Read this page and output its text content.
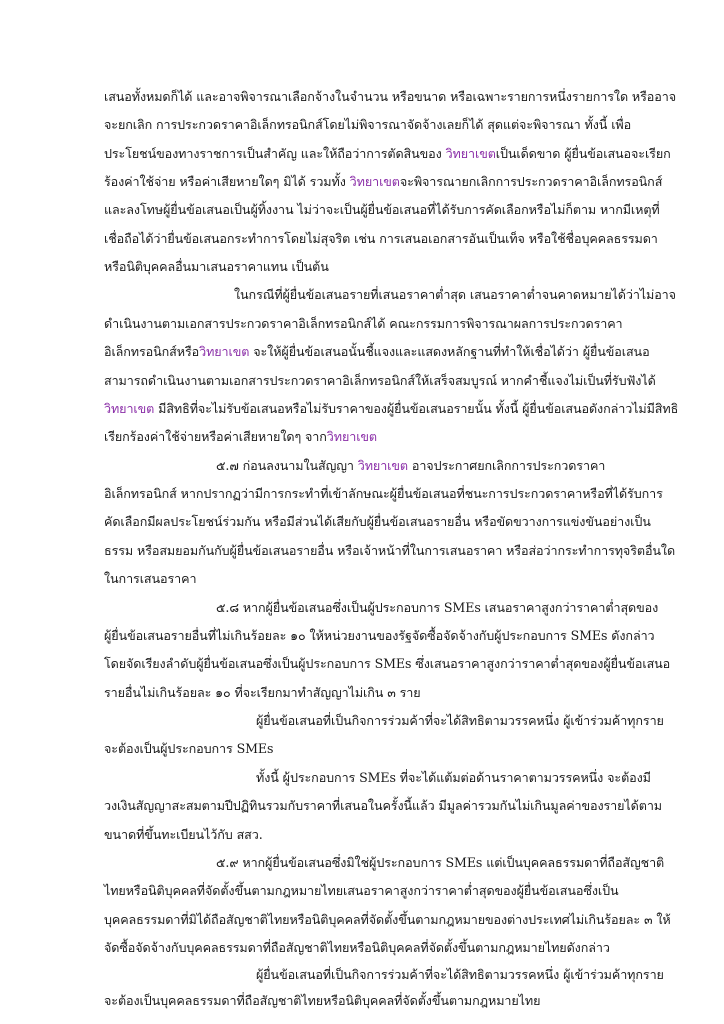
เสนอทั้งหมดก็ได้ และอาจพิจารณาเลือกจ้างในจำนวน หรือขนาด หรือเฉพาะรายการหนึ่งรายการใด หรืออาจ
จะยกเลิก การประกวดราคาอิเล็กทรอนิกส์โดยไม่พิจารณาจัดจ้างเลยก็ได้ สุดแต่จะพิจารณา ทั้งนี้ เพื่อ
ประโยชน์ของทางราชการเป็นสำคัญ และให้ถือว่าการตัดสินของ วิทยาเขตเป็นเด็ดขาด ผู้ยื่นข้อเสนอจะเรียก
ร้องค่าใช้จ่าย หรือค่าเสียหายใดๆ มิได้ รวมทั้ง วิทยาเขตจะพิจารณายกเลิกการประกวดราคาอิเล็กทรอนิกส์
และลงโทษผู้ยื่นข้อเสนอเป็นผู้ทิ้งงาน ไม่ว่าจะเป็นผู้ยื่นข้อเสนอที่ได้รับการคัดเลือกหรือไม่ก็ตาม หากมีเหตุที่
เชื่อถือได้ว่ายื่นข้อเสนอกระทำการโดยไม่สุจริต เช่น การเสนอเอกสารอันเป็นเท็จ หรือใช้ชื่อบุคคลธรรมดา
หรือนิติบุคคลอื่นมาเสนอราคาแทน เป็นต้น
ในกรณีที่ผู้ยื่นข้อเสนอรายที่เสนอราคาต่ำสุด เสนอราคาต่ำจนคาดหมายได้ว่าไม่อาจ
ดำเนินงานตามเอกสารประกวดราคาอิเล็กทรอนิกส์ได้ คณะกรรมการพิจารณาผลการประกวดราคา
อิเล็กทรอนิกส์หรือวิทยาเขต จะให้ผู้ยื่นข้อเสนอนั้นชี้แจงและแสดงหลักฐานที่ทำให้เชื่อได้ว่า ผู้ยื่นข้อเสนอ
สามารถดำเนินงานตามเอกสารประกวดราคาอิเล็กทรอนิกส์ให้เสร็จสมบูรณ์ หากคำชี้แจงไม่เป็นที่รับฟังได้
วิทยาเขต มีสิทธิที่จะไม่รับข้อเสนอหรือไม่รับราคาของผู้ยื่นข้อเสนอรายนั้น ทั้งนี้ ผู้ยื่นข้อเสนอดังกล่าวไม่มีสิทธิ
เรียกร้องค่าใช้จ่ายหรือค่าเสียหายใดๆ จากวิทยาเขต
๕.๗ ก่อนลงนามในสัญญา วิทยาเขต อาจประกาศยกเลิกการประกวดราคา
อิเล็กทรอนิกส์ หากปรากฏว่ามีการกระทำที่เข้าลักษณะผู้ยื่นข้อเสนอที่ชนะการประกวดราคาหรือที่ได้รับการ
คัดเลือกมีผลประโยชน์ร่วมกัน หรือมีส่วนได้เสียกับผู้ยื่นข้อเสนอรายอื่น หรือขัดขวางการแข่งขันอย่างเป็น
ธรรม หรือสมยอมกันกับผู้ยื่นข้อเสนอรายอื่น หรือเจ้าหน้าที่ในการเสนอราคา หรือส่อว่ากระทำการทุจริตอื่นใด
ในการเสนอราคา
๕.๘ หากผู้ยื่นข้อเสนอซึ่งเป็นผู้ประกอบการ SMEs เสนอราคาสูงกว่าราคาต่ำสุดของ
ผู้ยื่นข้อเสนอรายอื่นที่ไม่เกินร้อยละ ๑๐ ให้หน่วยงานของรัฐจัดซื้อจัดจ้างกับผู้ประกอบการ SMEs ดังกล่าว
โดยจัดเรียงลำดับผู้ยื่นข้อเสนอซึ่งเป็นผู้ประกอบการ SMEs ซึ่งเสนอราคาสูงกว่าราคาต่ำสุดของผู้ยื่นข้อเสนอ
รายอื่นไม่เกินร้อยละ ๑๐ ที่จะเรียกมาทำสัญญาไม่เกิน ๓ ราย
ผู้ยื่นข้อเสนอที่เป็นกิจการร่วมค้าที่จะได้สิทธิตามวรรคหนึ่ง ผู้เข้าร่วมค้าทุกราย
จะต้องเป็นผู้ประกอบการ SMEs
ทั้งนี้ ผู้ประกอบการ SMEs ที่จะได้แต้มต่อด้านราคาตามวรรคหนึ่ง จะต้องมี
วงเงินสัญญาสะสมตามปีปฏิทินรวมกับราคาที่เสนอในครั้งนี้แล้ว มีมูลค่ารวมกันไม่เกินมูลค่าของรายได้ตาม
ขนาดที่ขึ้นทะเบียนไว้กับ สสว.
๕.๙ หากผู้ยื่นข้อเสนอซึ่งมิใช่ผู้ประกอบการ SMEs แต่เป็นบุคคลธรรมดาที่ถือสัญชาติ
ไทยหรือนิติบุคคลที่จัดตั้งขึ้นตามกฎหมายไทยเสนอราคาสูงกว่าราคาต่ำสุดของผู้ยื่นข้อเสนอซึ่งเป็น
บุคคลธรรมดาที่มิได้ถือสัญชาติไทยหรือนิติบุคคลที่จัดตั้งขึ้นตามกฎหมายของต่างประเทศไม่เกินร้อยละ ๓ ให้
จัดซื้อจัดจ้างกับบุคคลธรรมดาที่ถือสัญชาติไทยหรือนิติบุคคลที่จัดตั้งขึ้นตามกฎหมายไทยดังกล่าว
ผู้ยื่นข้อเสนอที่เป็นกิจการร่วมค้าที่จะได้สิทธิตามวรรคหนึ่ง ผู้เข้าร่วมค้าทุกราย
จะต้องเป็นบุคคลธรรมดาที่ถือสัญชาติไทยหรือนิติบุคคลที่จัดตั้งขึ้นตามกฎหมายไทย
